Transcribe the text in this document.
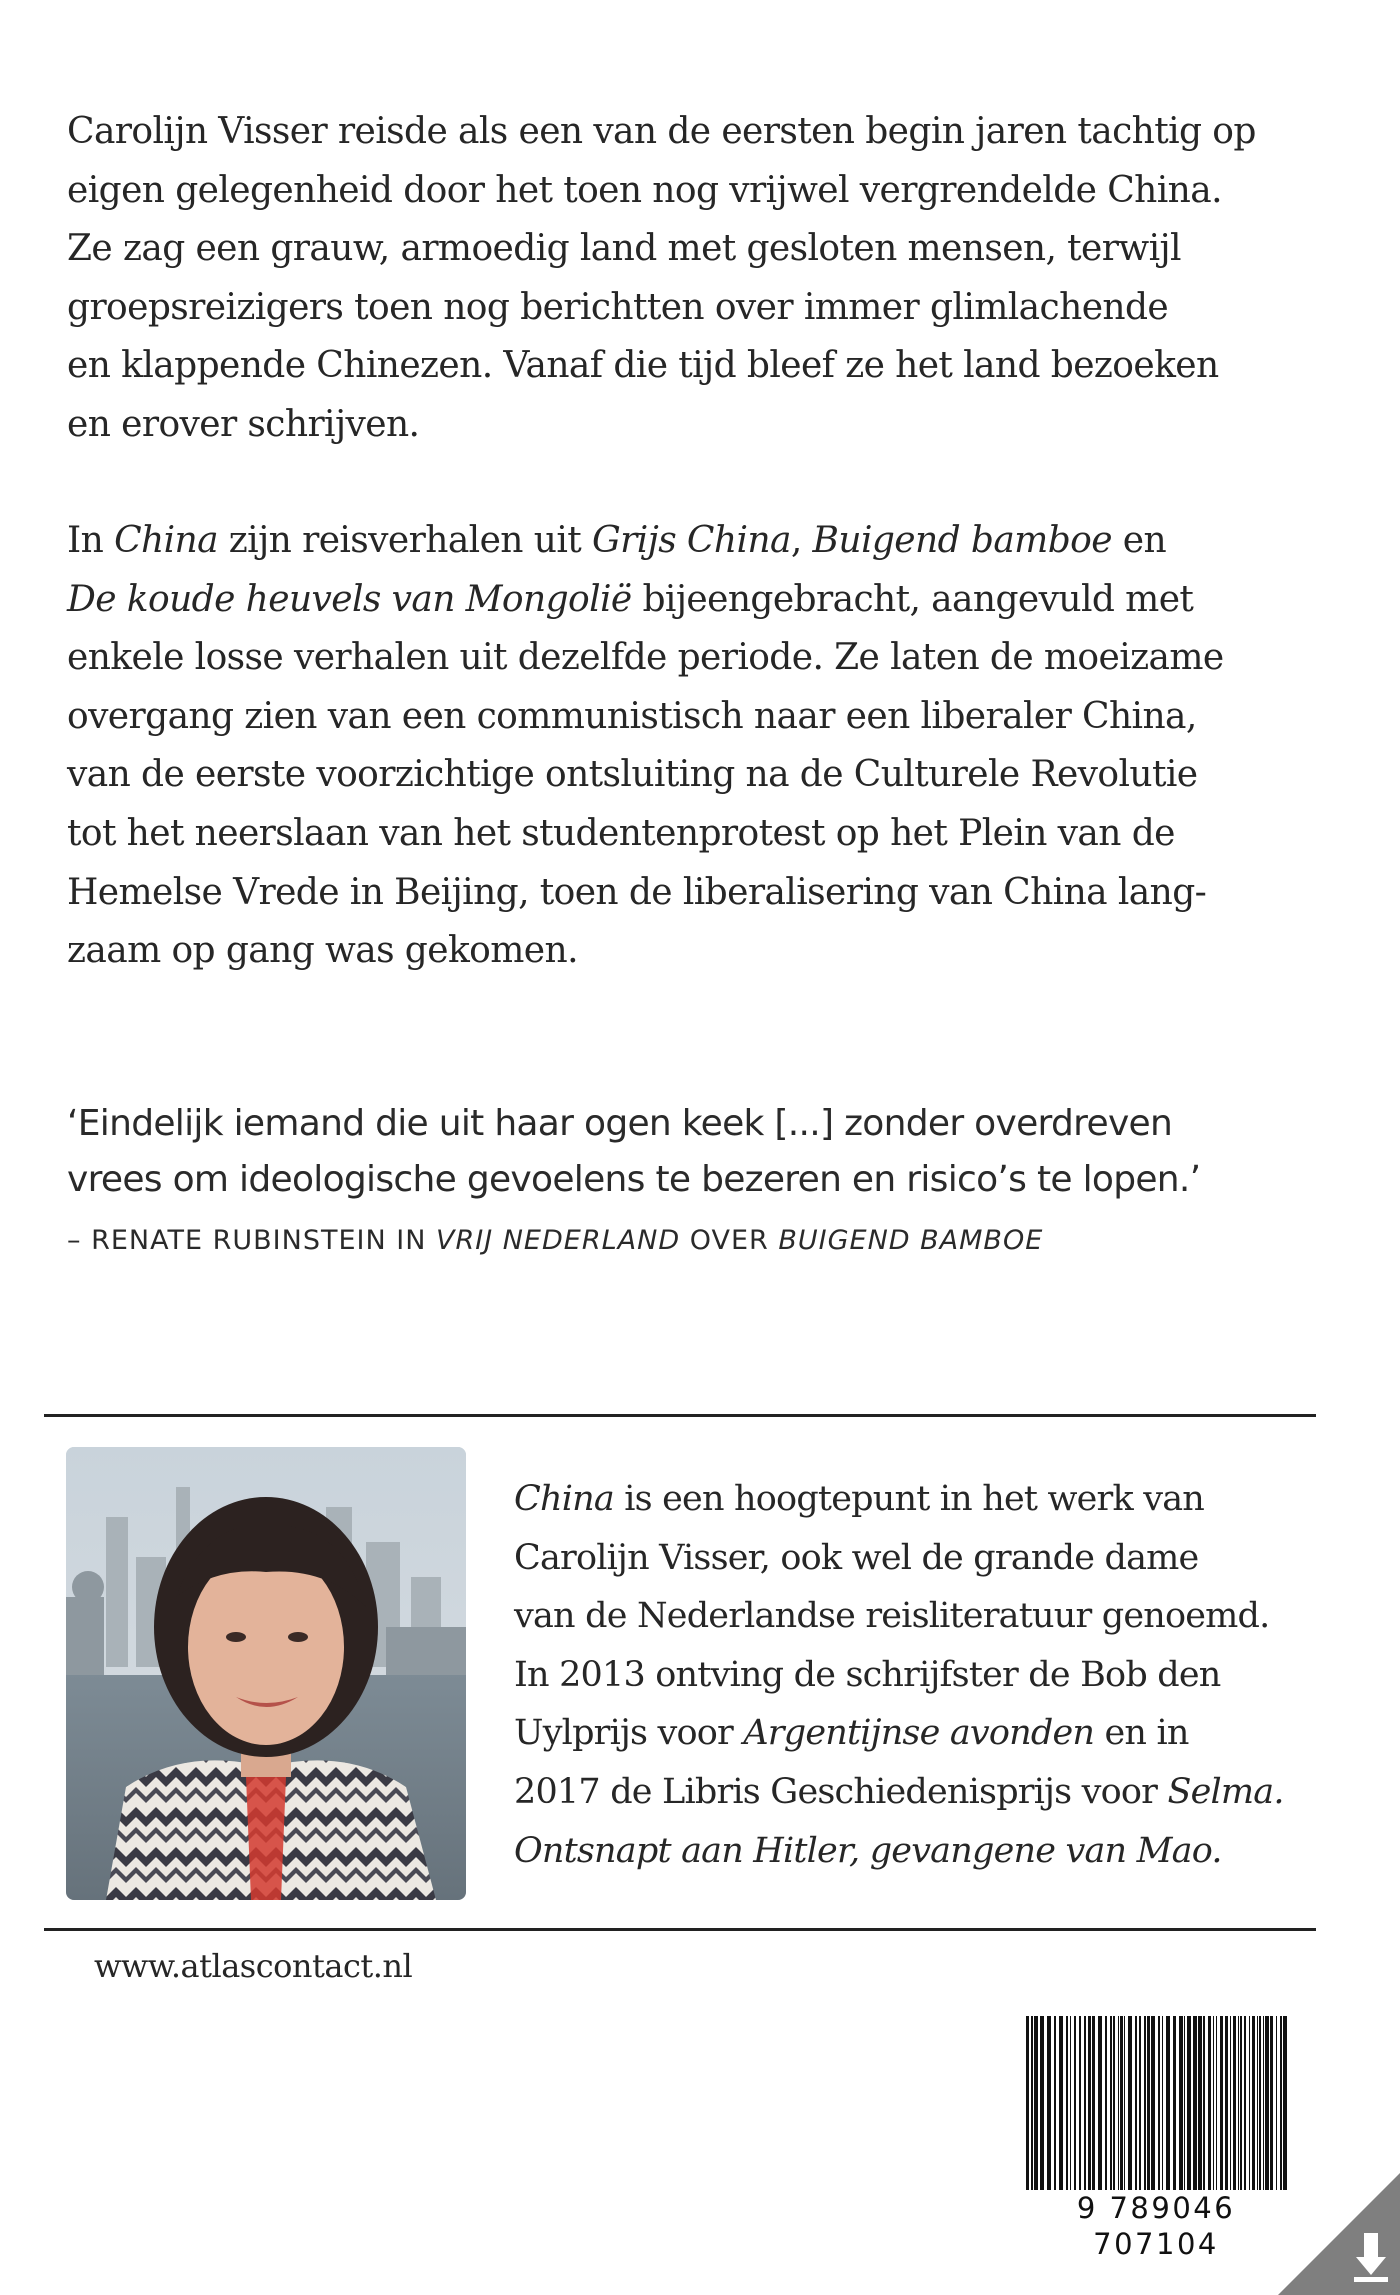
Carolijn Visser reisde als een van de eersten begin jaren tachtig op
eigen gelegenheid door het toen nog vrijwel vergrendelde China.
Ze zag een grauw, armoedig land met gesloten mensen, terwijl
groepsreizigers toen nog berichtten over immer glimlachende
en klappende Chinezen. Vanaf die tijd bleef ze het land bezoeken
en erover schrijven.
In China zijn reisverhalen uit Grijs China, Buigend bamboe en
De koude heuvels van Mongolië bijeengebracht, aangevuld met
enkele losse verhalen uit dezelfde periode. Ze laten de moeizame
overgang zien van een communistisch naar een liberaler China,
van de eerste voorzichtige ontsluiting na de Culturele Revolutie
tot het neerslaan van het studentenprotest op het Plein van de
Hemelse Vrede in Beijing, toen de liberalisering van China lang-
zaam op gang was gekomen.
‘Eindelijk iemand die uit haar ogen keek [...] zonder overdreven
vrees om ideologische gevoelens te bezeren en risico’s te lopen.’
– RENATE RUBINSTEIN IN VRIJ NEDERLAND OVER BUIGEND BAMBOE
China is een hoogtepunt in het werk van
Carolijn Visser, ook wel de grande dame
van de Nederlandse reisliteratuur genoemd.
In 2013 ontving de schrijfster de Bob den
Uylprijs voor Argentijnse avonden en in
2017 de Libris Geschiedenisprijs voor Selma.
Ontsnapt aan Hitler, gevangene van Mao.
www.atlascontact.nl
9 789046 707104
